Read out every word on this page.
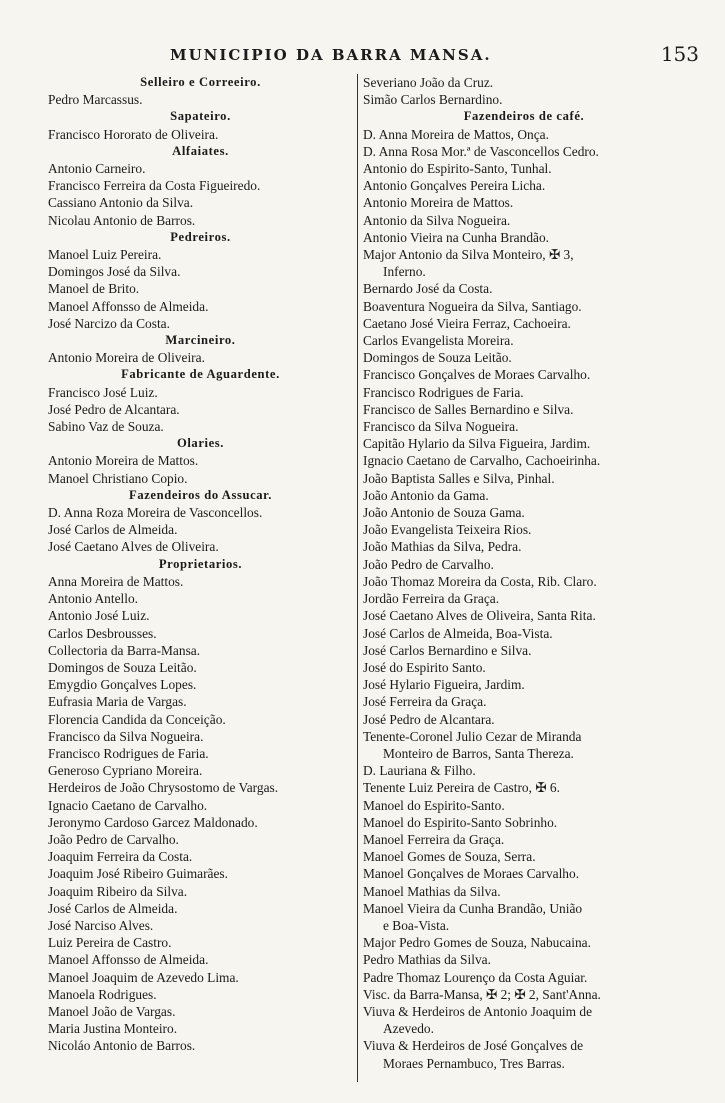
MUNICIPIO DA BARRA MANSA.	153
Selleiro e Correeiro.
Pedro Marcassus.
Sapateiro.
Francisco Hororato de Oliveira.
Alfaiates.
Antonio Carneiro.
Francisco Ferreira da Costa Figueiredo.
Cassiano Antonio da Silva.
Nicolau Antonio de Barros.
Pedreiros.
Manoel Luiz Pereira.
Domingos José da Silva.
Manoel de Brito.
Manoel Affonsso de Almeida.
José Narcizo da Costa.
Marcineiro.
Antonio Moreira de Oliveira.
Fabricante de Aguardente.
Francisco José Luiz.
José Pedro de Alcantara.
Sabino Vaz de Souza.
Olaries.
Antonio Moreira de Mattos.
Manoel Christiano Copio.
Fazendeiros do Assucar.
D. Anna Roza Moreira de Vasconcellos.
José Carlos de Almeida.
José Caetano Alves de Oliveira.
Proprietarios.
Anna Moreira de Mattos.
Antonio Antello.
Antonio José Luiz.
Carlos Desbrousses.
Collectoria da Barra-Mansa.
Domingos de Souza Leitão.
Emygdio Gonçalves Lopes.
Eufrasia Maria de Vargas.
Florencia Candida da Conceição.
Francisco da Silva Nogueira.
Francisco Rodrigues de Faria.
Generoso Cypriano Moreira.
Herdeiros de João Chrysostomo de Vargas.
Ignacio Caetano de Carvalho.
Jeronymo Cardoso Garcez Maldonado.
João Pedro de Carvalho.
Joaquim Ferreira da Costa.
Joaquim José Ribeiro Guimarães.
Joaquim Ribeiro da Silva.
José Carlos de Almeida.
José Narciso Alves.
Luiz Pereira de Castro.
Manoel Affonsso de Almeida.
Manoel Joaquim de Azevedo Lima.
Manoela Rodrigues.
Manoel João de Vargas.
Maria Justina Monteiro.
Nicoláo Antonio de Barros.
Severiano João da Cruz.
Simão Carlos Bernardino.
Fazendeiros de café.
D. Anna Moreira de Mattos, Onça.
D. Anna Rosa Mor.ª de Vasconcellos Cedro.
Antonio do Espirito-Santo, Tunhal.
Antonio Gonçalves Pereira Licha.
Antonio Moreira de Mattos.
Antonio da Silva Nogueira.
Antonio Vieira na Cunha Brandão.
Major Antonio da Silva Monteiro, ✠ 3,
Inferno.
Bernardo José da Costa.
Boaventura Nogueira da Silva, Santiago.
Caetano José Vieira Ferraz, Cachoeira.
Carlos Evangelista Moreira.
Domingos de Souza Leitão.
Francisco Gonçalves de Moraes Carvalho.
Francisco Rodrigues de Faria.
Francisco de Salles Bernardino e Silva.
Francisco da Silva Nogueira.
Capitão Hylario da Silva Figueira, Jardim.
Ignacio Caetano de Carvalho, Cachoeirinha.
João Baptista Salles e Silva, Pinhal.
João Antonio da Gama.
João Antonio de Souza Gama.
João Evangelista Teixeira Rios.
João Mathias da Silva, Pedra.
João Pedro de Carvalho.
João Thomaz Moreira da Costa, Rib. Claro.
Jordão Ferreira da Graça.
José Caetano Alves de Oliveira, Santa Rita.
José Carlos de Almeida, Boa-Vista.
José Carlos Bernardino e Silva.
José do Espirito Santo.
José Hylario Figueira, Jardim.
José Ferreira da Graça.
José Pedro de Alcantara.
Tenente-Coronel Julio Cezar de Miranda
Monteiro de Barros, Santa Thereza.
D. Lauriana & Filho.
Tenente Luiz Pereira de Castro, ✠ 6.
Manoel do Espirito-Santo.
Manoel do Espirito-Santo Sobrinho.
Manoel Ferreira da Graça.
Manoel Gomes de Souza, Serra.
Manoel Gonçalves de Moraes Carvalho.
Manoel Mathias da Silva.
Manoel Vieira da Cunha Brandão, União
e Boa-Vista.
Major Pedro Gomes de Souza, Nabucaina.
Pedro Mathias da Silva.
Padre Thomaz Lourenço da Costa Aguiar.
Visc. da Barra-Mansa, ✠ 2; ✠ 2, Sant'Anna.
Viuva & Herdeiros de Antonio Joaquim de
Azevedo.
Viuva & Herdeiros de José Gonçalves de
Moraes Pernambuco, Tres Barras.
